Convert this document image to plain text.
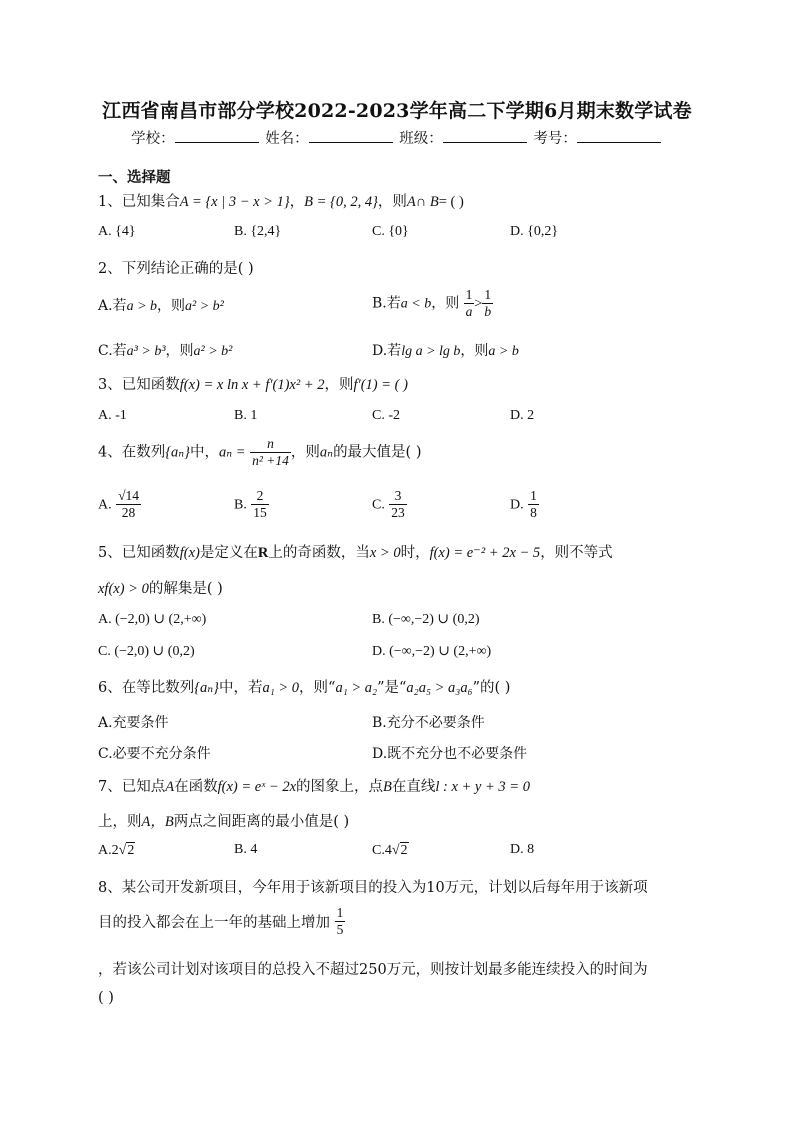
江西省南昌市部分学校2022-2023学年高二下学期6月期末数学试卷
学校：	姓名：	班级：	考号：
一、选择题
1、已知集合A = {x | 3 − x > 1}，B = {0, 2, 4}，则A∩ B= ( )
A. {4}	B. {2,4}	C. {0}	D. {0,2}
2、下列结论正确的是( )
A.若a > b，则a² > b²	B.若a < b，则 $\frac{1}{a} > \frac{1}{b}$
C.若a³ > b³，则a² > b²	D.若lg a > lg b，则a > b
3、已知函数f(x) = x ln x + f′(1)x² + 2，则f′(1) = ( )
A. -1	B. 1	C. -2	D. 2
4、在数列{aₙ}中，$a_n = \frac{n}{\text{n² +14}}$ ，则aₙ的最大值是( )
A. $\frac{√14}{28}$	B. $\frac{2}{15}$	C. $\frac{3}{23}$	D. $\frac{1}{8}$
5、已知函数f(x)是定义在R上的奇函数，当x > 0时，f(x) = e⁻² + 2x − 5，则不等式
xf(x) > 0的解集是( )
A. (−2,0) ∪ (2,+∞)	B. (−∞,−2) ∪ (0,2)
C. (−2,0) ∪ (0,2)	D. (−∞,−2) ∪ (2,+∞)
6、在等比数列{aₙ}中，若a₁ > 0，则“a₁ > a₂”是“a₂a₅ > a₃a₆”的( )
A.充要条件	B.充分不必要条件
C.必要不充分条件	D.既不充分也不必要条件
7、已知点A在函数f(x) = eˣ − 2x的图象上，点B在直线l : x + y + 3 = 0
上，则A，B两点之间距离的最小值是( )
A.2√2	B. 4	C.4√2	D. 8
8、某公司开发新项目，今年用于该新项目的投入为10万元，计划以后每年用于该新项
目的投入都会在上一年的基础上增加 $\frac{1}{5}$
，若该公司计划对该项目的总投入不超过250万元，则按计划最多能连续投入的时间为
( )
